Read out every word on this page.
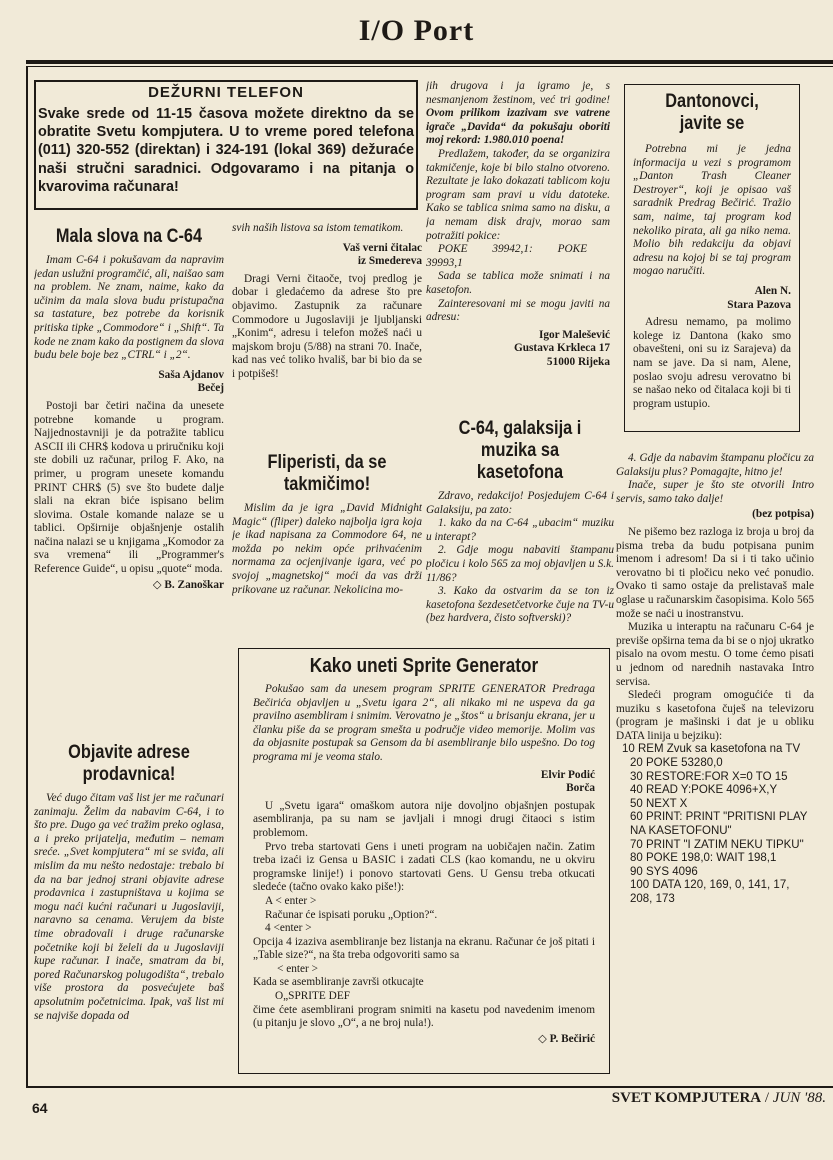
I/O Port
DEŽURNI TELEFON
Svake srede od 11-15 časova možete direktno da se obratite Svetu kompjutera. U to vreme pored telefona (011) 320-552 (direktan) i 324-191 (lokal 369) dežuraće naši stručni saradnici. Odgovaramo i na pitanja o kvarovima računara!
Mala slova na C-64

Imam C-64 i pokušavam da napravim jedan uslužni programčić, ali, naišao sam na problem. Ne znam, naime, kako da učinim da mala slova budu pristupačna sa tastature, bez potrebe da korisnik pritiska tipke „Commodore“ i „Shift“. Ta kode ne znam kako da postignem da slova budu bele boje bez „CTRL“ i „2“.

Saša Ajdanov

Bečej

Postoji bar četiri načina da unesete potrebne komande u program. Najjednostavniji je da potražite tablicu ASCII ili CHR$ kodova u priručniku koji ste dobili uz računar, prilog F. Ako, na primer, u program unesete komandu PRINT CHR$ (5) sve što budete dalje slali na ekran biće ispisano belim slovima. Ostale komande nalaze se u tablici. Opširnije objašnjenje ostalih načina nalazi se u knjigama „Komodor za sva vremena“ ili „Programmer's Reference Guide“, u opisu „quote“ moda.

◇ B. Zanoškar

Objavite adrese prodavnica!

Već dugo čitam vaš list jer me računari zanimaju. Želim da nabavim C-64, i to što pre. Dugo ga već tražim preko oglasa, a i preko prijatelja, međutim – nemam sreće. „Svet kompjutera“ mi se sviđa, ali mislim da mu nešto nedostaje: trebalo bi da na bar jednoj strani objavite adrese prodavnica i zastupništava u kojima se mogu naći kućni računari u Jugoslaviji, naravno sa cenama. Verujem da biste time obradovali i druge računarske početnike koji bi želeli da u Jugoslaviji kupe računar. I inače, smatram da bi, pored Računarskog polugodišta“, trebalo više prostora da posvećujete baš apsolutnim početnicima. Ipak, vaš list mi se najviše dopada od

svih naših listova sa istom tematikom.

Vaš verni čitalac

iz Smedereva

Dragi Verni čitaoče, tvoj predlog je dobar i gledaćemo da adrese što pre objavimo. Zastupnik za računare Commodore u Jugoslaviji je ljubljanski „Konim“, adresu i telefon možeš naći u majskom broju (5/88) na strani 70. Inače, kad nas već toliko hvališ, bar bi bio da se i potpišeš!

Fliperisti, da se takmičimo!

Mislim da je igra „David Midnight Magic“ (fliper) daleko najbolja igra koja je ikad napisana za Commodore 64, ne možda po nekim opće prihvaćenim normama za ocjenjivanje igara, već po svojoj „magnetskoj“ moći da vas drži prikovane uz računar. Nekolicina mo-

jih drugova i ja igramo je, s nesmanjenom žestinom, već tri godine! Ovom prilikom izazivam sve vatrene igrače „Davida“ da pokušaju oboriti moj rekord: 1.980.010 poena!

Predlažem, također, da se organizira takmičenje, koje bi bilo stalno otvoreno. Rezultate je lako dokazati tablicom koju program sam pravi u vidu datoteke. Kako se tablica snima samo na disku, a ja nemam disk drajv, morao sam potražiti pokice:

POKE 39942,1: POKE 39993,1

Sada se tablica može snimati i na kasetofon.

Zainteresovani mi se mogu javiti na adresu:

Igor Malešević

Gustava Krkleca 17

51000 Rijeka

C-64, galaksija i muzika sa kasetofona

Zdravo, redakcijo! Posjedujem C-64 i Galaksiju, pa zato:

1. kako da na C-64 „ubacim“ muziku u interapt?

2. Gdje mogu nabaviti štampanu pločicu i kolo 565 za moj objavljen u S.k. 11/86?

3. Kako da ostvarim da se ton iz kasetofona šezdesetčetvorke čuje na TV-u (bez hardvera, čisto softverski)?

Dantonovci, javite se

Potrebna mi je jedna informacija u vezi s programom „Danton Trash Cleaner Destroyer“, koji je opisao vaš saradnik Predrag Bečirić. Tražio sam, naime, taj program kod nekoliko pirata, ali ga niko nema. Molio bih redakciju da objavi adresu na kojoj bi se taj program mogao naručiti.

Alen N.

Stara Pazova

Adresu nemamo, pa molimo kolege iz Dantona (kako smo obavešteni, oni su iz Sarajeva) da nam se jave. Da si nam, Alene, poslao svoju adresu verovatno bi se našao neko od čitalaca koji bi ti program ustupio.

4. Gdje da nabavim štampanu pločicu za Galaksiju plus? Pomagajte, hitno je!

Inače, super je što ste otvorili Intro servis, samo tako dalje!

(bez potpisa)

Ne pišemo bez razloga iz broja u broj da pisma treba da budu potpisana punim imenom i adresom! Da si i ti tako učinio verovatno bi ti pločicu neko već ponudio. Ovako ti samo ostaje da prelistavaš male oglase u računarskim časopisima. Kolo 565 može se naći u inostranstvu.

Muzika u interaptu na računaru C-64 je previše opširna tema da bi se o njoj ukratko pisalo na ovom mestu. O tome ćemo pisati u jednom od narednih nastavaka Intro servisa.

Sledeći program omogućiće ti da muziku s kasetofona čuješ na televizoru (program je mašinski i dat je u obliku DATA linija u bejziku):

10 REM Zvuk sa kasetofona na TV

20 POKE 53280,0

30 RESTORE:FOR X=0 TO 15

40 READ Y:POKE 4096+X,Y

50 NEXT X

60 PRINT: PRINT "PRITISNI PLAY NA KASETOFONU"

70 PRINT "I ZATIM NEKU TIPKU"

80 POKE 198,0: WAIT 198,1

90 SYS 4096

100 DATA 120, 169, 0, 141, 17, 208, 173

Kako uneti Sprite Generator

Pokušao sam da unesem program SPRITE GENERATOR Predraga Bečirića objavljen u „Svetu igara 2“, ali nikako mi ne uspeva da ga pravilno asembliram i snimim. Verovatno je „štos“ u brisanju ekrana, jer u članku piše da se program smešta u područje video memorije. Molim vas da objasnite postupak sa Gensom da bi asembliranje bilo uspešno. Do tog programa mi je veoma stalo.

Elvir Podić

Borča

U „Svetu igara“ omaškom autora nije dovoljno objašnjen postupak asembliranja, pa su nam se javljali i mnogi drugi čitaoci s istim problemom.

Prvo treba startovati Gens i uneti program na uobičajen način. Zatim treba izaći iz Gensa u BASIC i zadati CLS (kao komandu, ne u okviru programske linije!) i ponovo startovati Gens. U Gensu treba otkucati sledeće (tačno ovako kako piše!):

A < enter >

Računar će ispisati poruku „Option?“.

4 <enter >

Opcija 4 izaziva asembliranje bez listanja na ekranu. Računar će još pitati i „Table size?“, na šta treba odgovoriti samo sa

< enter >

Kada se asembliranje završi otkucajte

O„SPRITE DEF

čime ćete asemblirani program snimiti na kasetu pod navedenim imenom (u pitanju je slovo „O“, a ne broj nula!).

◇ P. Bečirić

64
SVET KOMPJUTERA / JUN '88.
